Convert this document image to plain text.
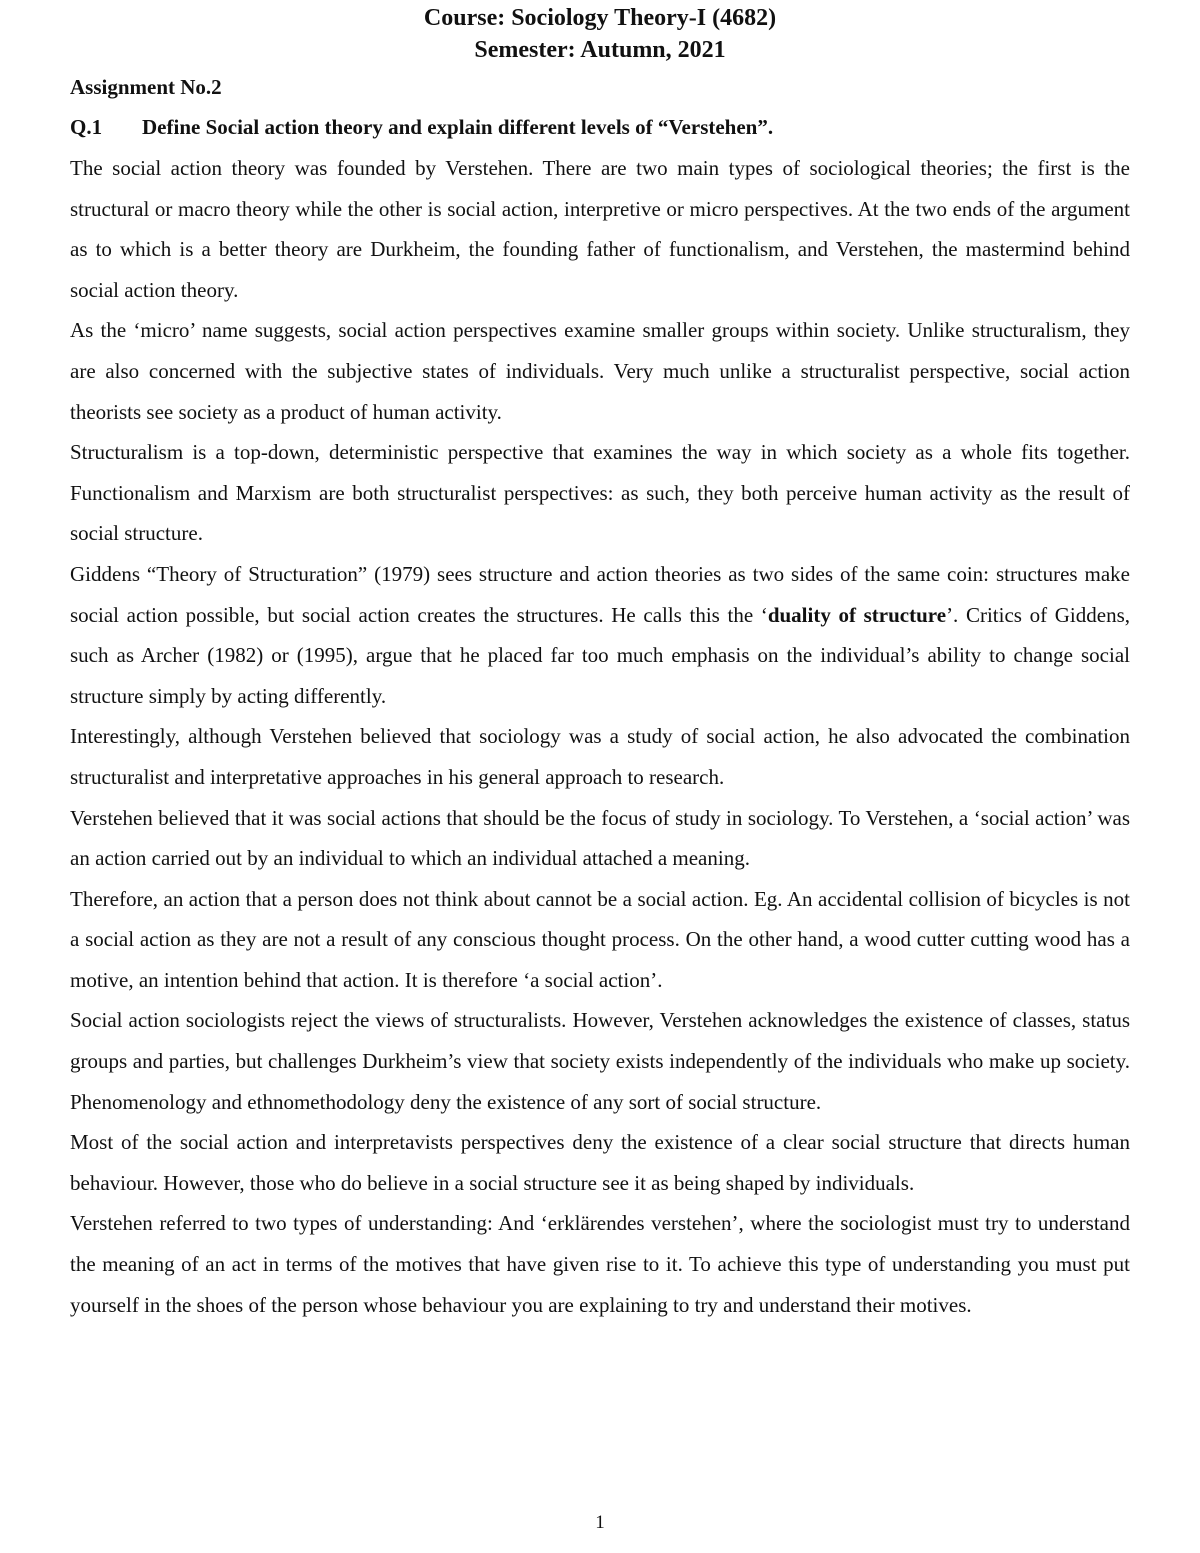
Course: Sociology Theory-I (4682)
Semester: Autumn, 2021
Assignment No.2
Q.1 Define Social action theory and explain different levels of “Verstehen”.

The social action theory was founded by Verstehen. There are two main types of sociological theories; the first is the structural or macro theory while the other is social action, interpretive or micro perspectives. At the two ends of the argument as to which is a better theory are Durkheim, the founding father of functionalism, and Verstehen, the mastermind behind social action theory.

As the ‘micro’ name suggests, social action perspectives examine smaller groups within society. Unlike structuralism, they are also concerned with the subjective states of individuals. Very much unlike a structuralist perspective, social action theorists see society as a product of human activity.

Structuralism is a top-down, deterministic perspective that examines the way in which society as a whole fits together. Functionalism and Marxism are both structuralist perspectives: as such, they both perceive human activity as the result of social structure.

Giddens “Theory of Structuration” (1979) sees structure and action theories as two sides of the same coin: structures make social action possible, but social action creates the structures. He calls this the ‘duality of structure’. Critics of Giddens, such as Archer (1982) or (1995), argue that he placed far too much emphasis on the individual’s ability to change social structure simply by acting differently.

Interestingly, although Verstehen believed that sociology was a study of social action, he also advocated the combination structuralist and interpretative approaches in his general approach to research.

Verstehen believed that it was social actions that should be the focus of study in sociology. To Verstehen, a ‘social action’ was an action carried out by an individual to which an individual attached a meaning.

Therefore, an action that a person does not think about cannot be a social action. Eg. An accidental collision of bicycles is not a social action as they are not a result of any conscious thought process. On the other hand, a wood cutter cutting wood has a motive, an intention behind that action. It is therefore ‘a social action’.

Social action sociologists reject the views of structuralists. However, Verstehen acknowledges the existence of classes, status groups and parties, but challenges Durkheim’s view that society exists independently of the individuals who make up society. Phenomenology and ethnomethodology deny the existence of any sort of social structure.

Most of the social action and interpretavists perspectives deny the existence of a clear social structure that directs human behaviour. However, those who do believe in a social structure see it as being shaped by individuals.

Verstehen referred to two types of understanding: And ‘erklärendes verstehen’, where the sociologist must try to understand the meaning of an act in terms of the motives that have given rise to it. To achieve this type of understanding you must put yourself in the shoes of the person whose behaviour you are explaining to try and understand their motives.

1
